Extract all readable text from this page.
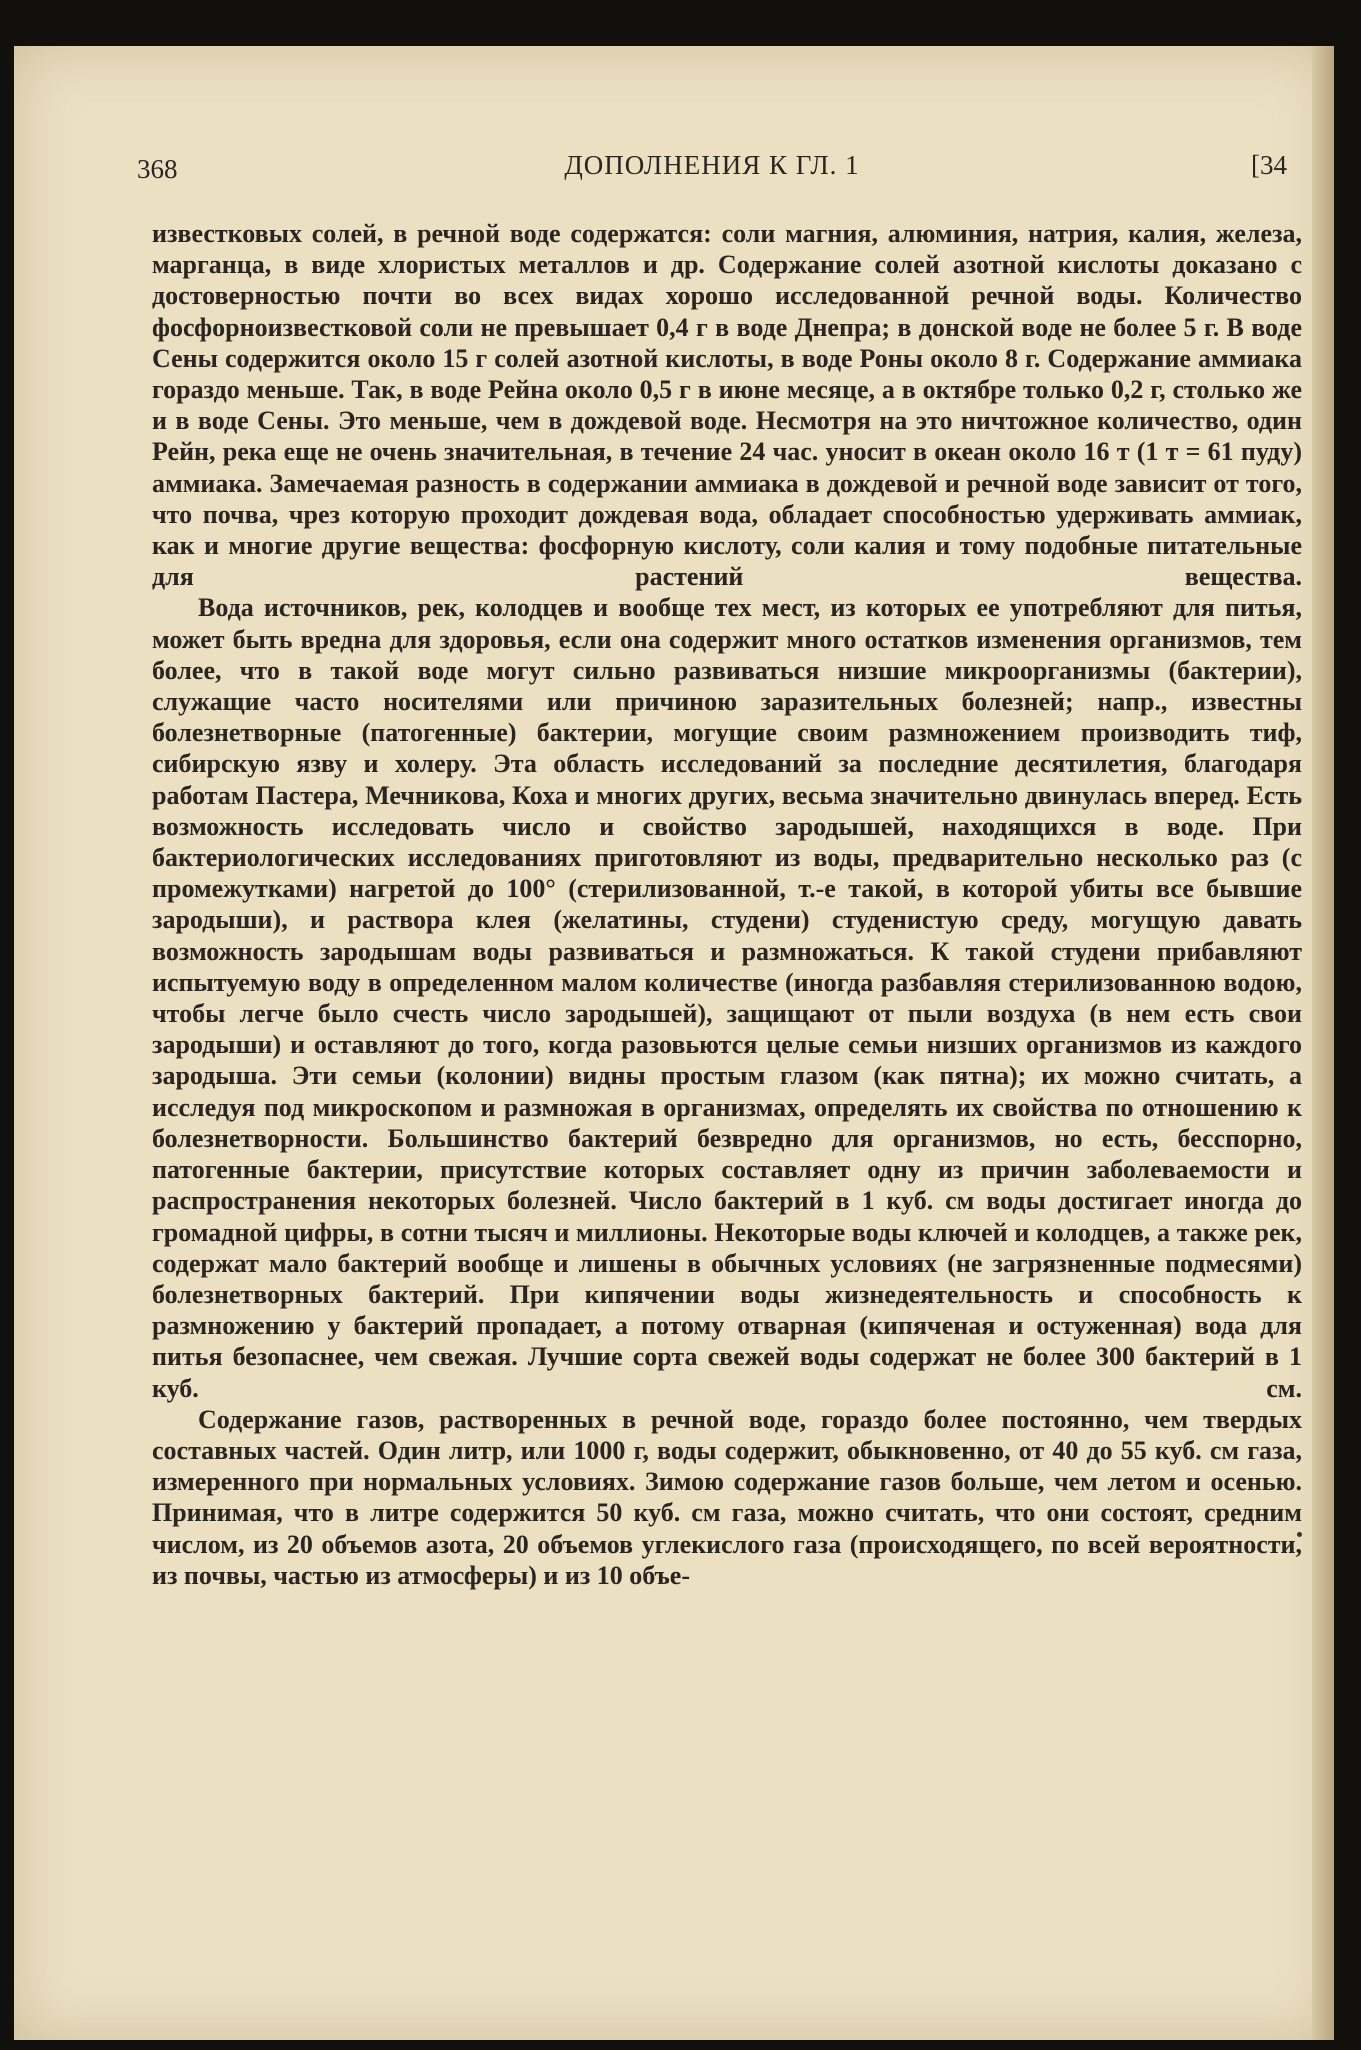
368	ДОПОЛНЕНИЯ К ГЛ. 1	[34

известковых солей, в речной воде содержатся: соли магния, алюминия, натрия, калия, железа, марганца, в виде хлористых металлов и др. Содержание солей азотной кислоты доказано с достоверностью почти во всех видах хорошо исследованной речной воды. Количество фосфорноизвестковой соли не превышает 0,4 г в воде Днепра; в донской воде не более 5 г. В воде Сены содержится около 15 г солей азотной кислоты, в воде Роны около 8 г. Содержание аммиака гораздо меньше. Так, в воде Рейна около 0,5 г в июне месяце, а в октябре только 0,2 г, столько же и в воде Сены. Это меньше, чем в дождевой воде. Несмотря на это ничтожное количество, один Рейн, река еще не очень значительная, в течение 24 час. уносит в океан около 16 т (1 т = 61 пуду) аммиака. Замечаемая разность в содержании аммиака в дождевой и речной воде зависит от того, что почва, чрез которую проходит дождевая вода, обладает способностью удерживать аммиак, как и многие другие вещества: фосфорную кислоту, соли калия и тому подобные питательные для растений вещества.

Вода источников, рек, колодцев и вообще тех мест, из которых ее употребляют для питья, может быть вредна для здоровья, если она содержит много остатков изменения организмов, тем более, что в такой воде могут сильно развиваться низшие микроорганизмы (бактерии), служащие часто носителями или причиною заразительных болезней; напр., известны болезнетворные (патогенные) бактерии, могущие своим размножением производить тиф, сибирскую язву и холеру. Эта область исследований за последние десятилетия, благодаря работам Пастера, Мечникова, Коха и многих других, весьма значительно двинулась вперед. Есть возможность исследовать число и свойство зародышей, находящихся в воде. При бактериологических исследованиях приготовляют из воды, предварительно несколько раз (с промежутками) нагретой до 100° (стерилизованной, т.-е такой, в которой убиты все бывшие зародыши), и раствора клея (желатины, студени) студенистую среду, могущую давать возможность зародышам воды развиваться и размножаться. К такой студени прибавляют испытуемую воду в определенном малом количестве (иногда разбавляя стерилизованною водою, чтобы легче было счесть число зародышей), защищают от пыли воздуха (в нем есть свои зародыши) и оставляют до того, когда разовьются целые семьи низших организмов из каждого зародыша. Эти семьи (колонии) видны простым глазом (как пятна); их можно считать, а исследуя под микроскопом и размножая в организмах, определять их свойства по отношению к болезнетворности. Большинство бактерий безвредно для организмов, но есть, бесспорно, патогенные бактерии, присутствие которых составляет одну из причин заболеваемости и распространения некоторых болезней. Число бактерий в 1 куб. см воды достигает иногда до громадной цифры, в сотни тысяч и миллионы. Некоторые воды ключей и колодцев, а также рек, содержат мало бактерий вообще и лишены в обычных условиях (не загрязненные подмесями) болезнетворных бактерий. При кипячении воды жизнедеятельность и способность к размножению у бактерий пропадает, а потому отварная (кипяченая и остуженная) вода для питья безопаснее, чем свежая. Лучшие сорта свежей воды содержат не более 300 бактерий в 1 куб. см.

Содержание газов, растворенных в речной воде, гораздо более постоянно, чем твердых составных частей. Один литр, или 1000 г, воды содержит, обыкновенно, от 40 до 55 куб. см газа, измеренного при нормальных условиях. Зимою содержание газов больше, чем летом и осенью. Принимая, что в литре содержится 50 куб. см газа, можно считать, что они состоят, средним числом, из 20 объемов азота, 20 объемов углекислого газа (происходящего, по всей вероятности, из почвы, частью из атмосферы) и из 10 объе-
